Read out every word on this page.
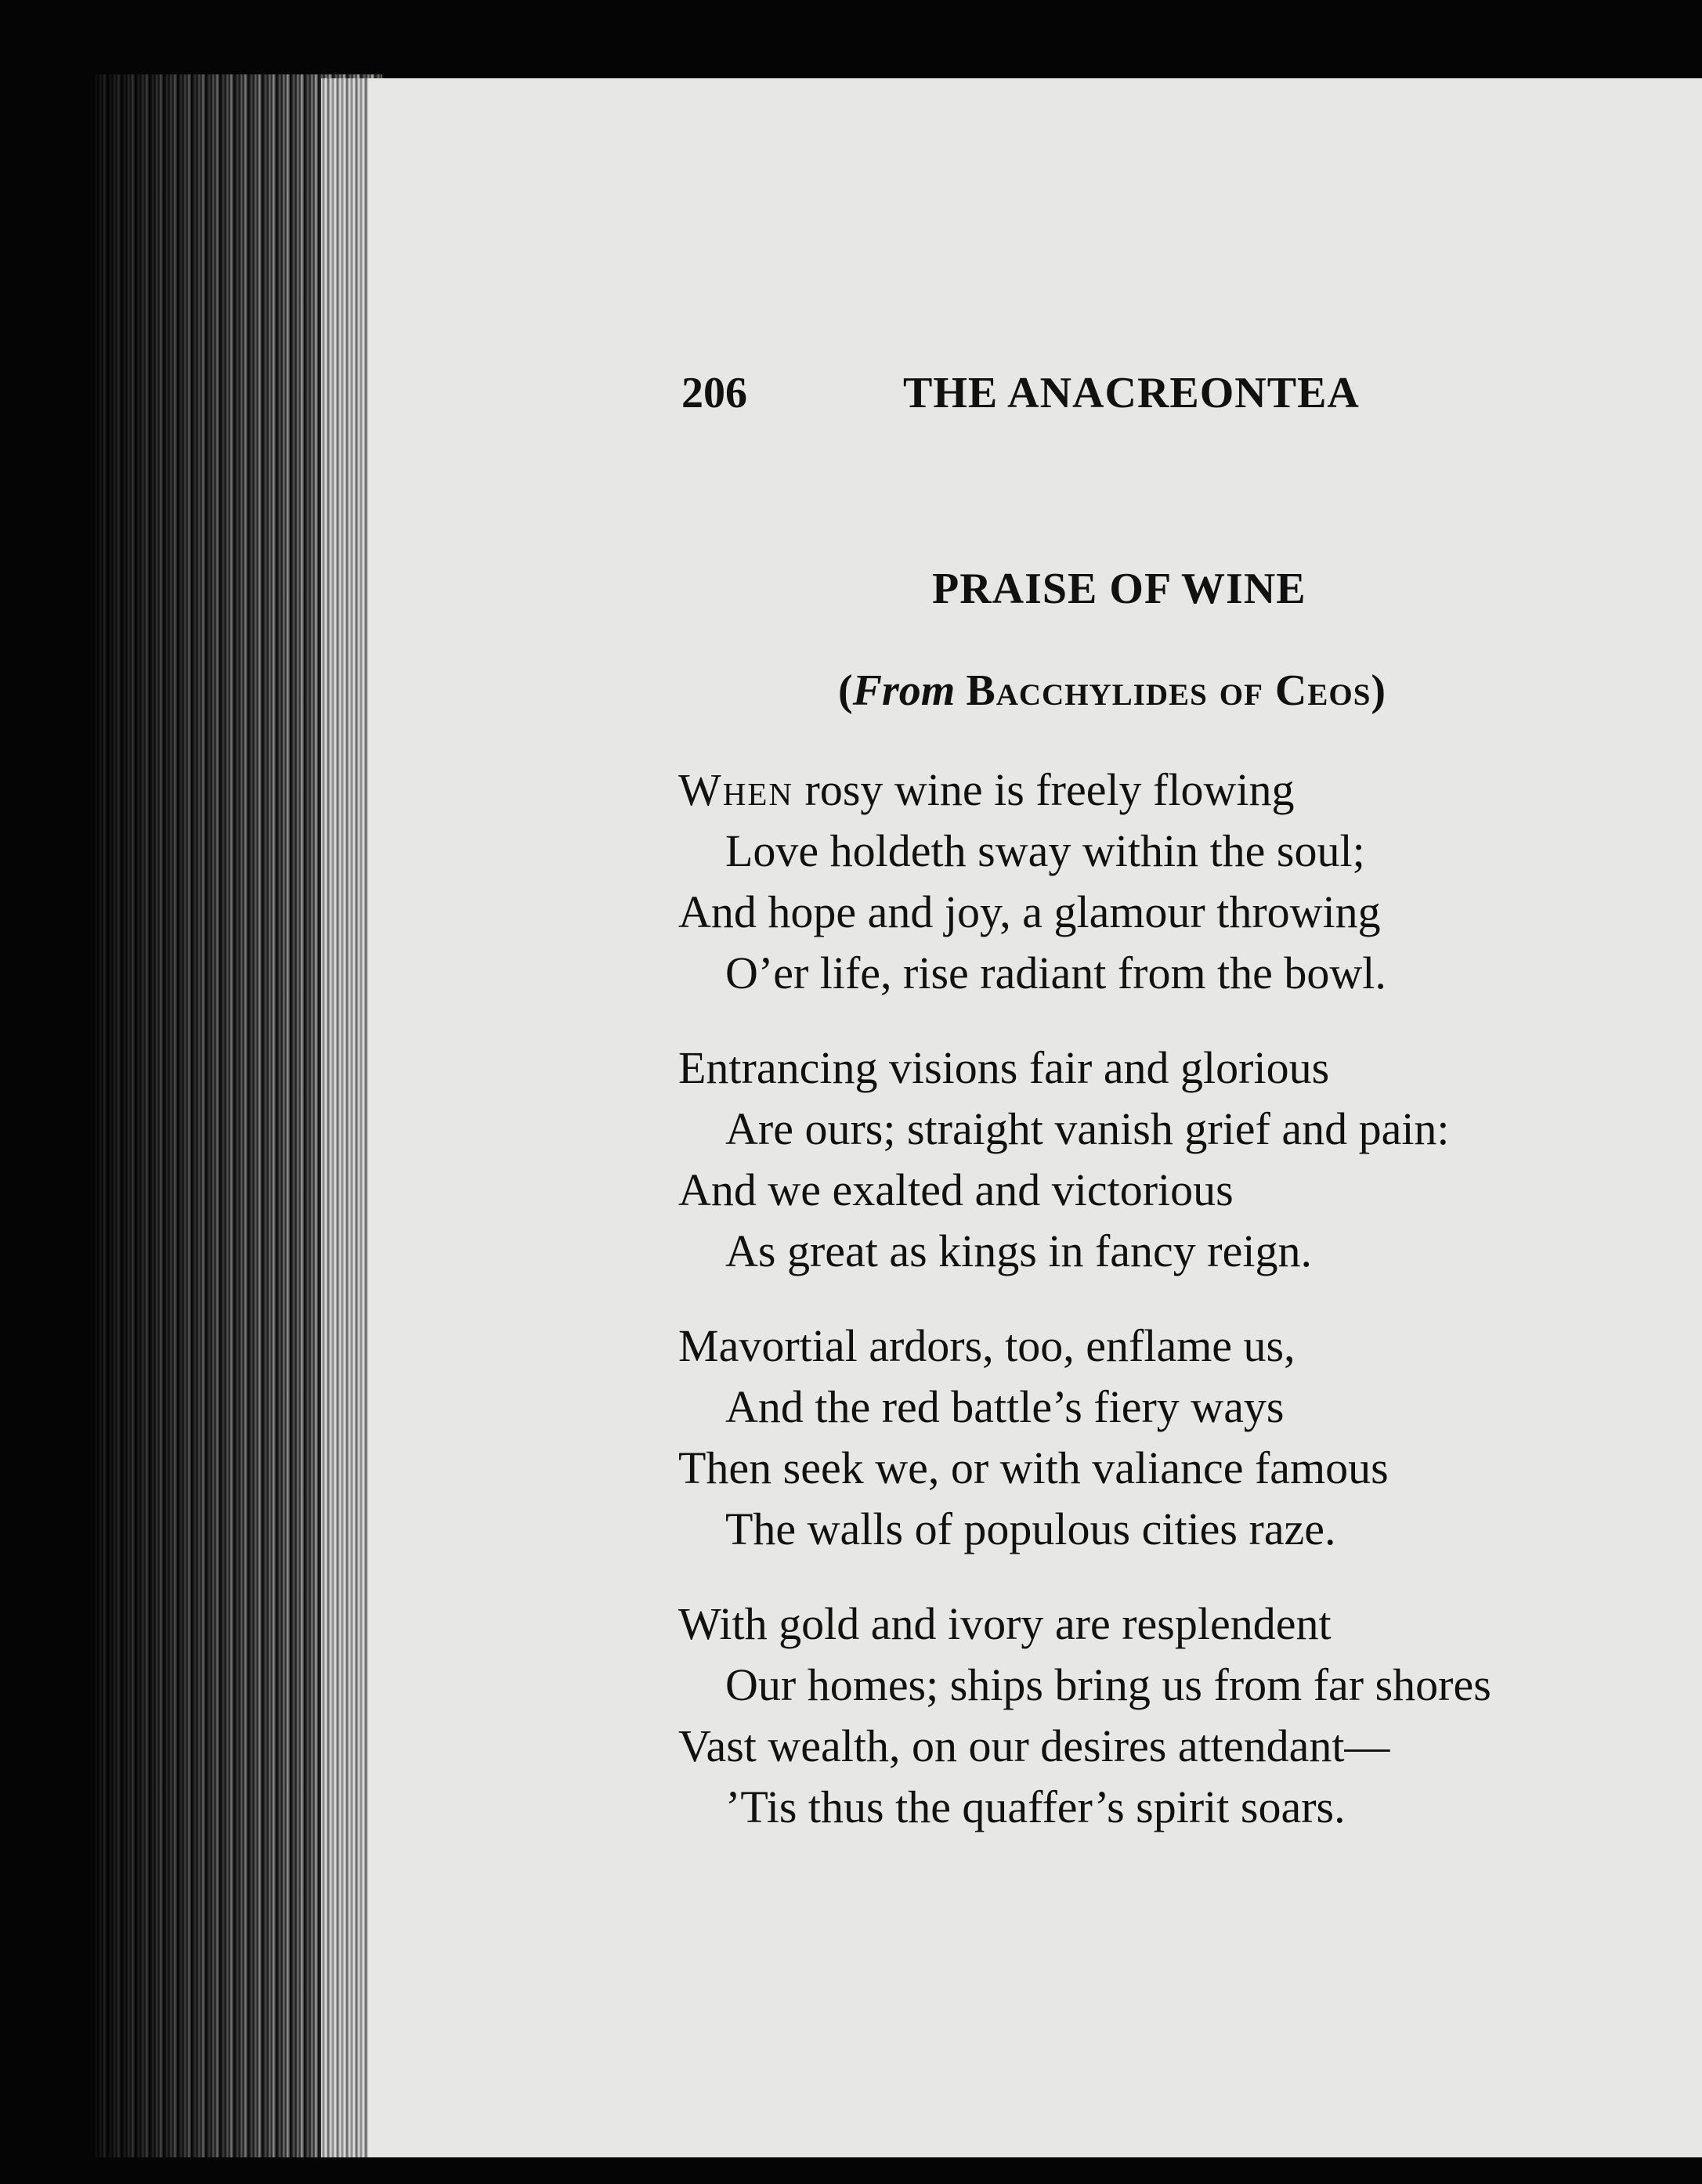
206	THE ANACREONTEA
PRAISE OF WINE
(From Bacchylides of Ceos)
When rosy wine is freely flowing
Love holdeth sway within the soul;
And hope and joy, a glamour throwing
O’er life, rise radiant from the bowl.
Entrancing visions fair and glorious
Are ours; straight vanish grief and pain:
And we exalted and victorious
As great as kings in fancy reign.
Mavortial ardors, too, enflame us,
And the red battle’s fiery ways
Then seek we, or with valiance famous
The walls of populous cities raze.
With gold and ivory are resplendent
Our homes; ships bring us from far shores
Vast wealth, on our desires attendant—
’Tis thus the quaffer’s spirit soars.
